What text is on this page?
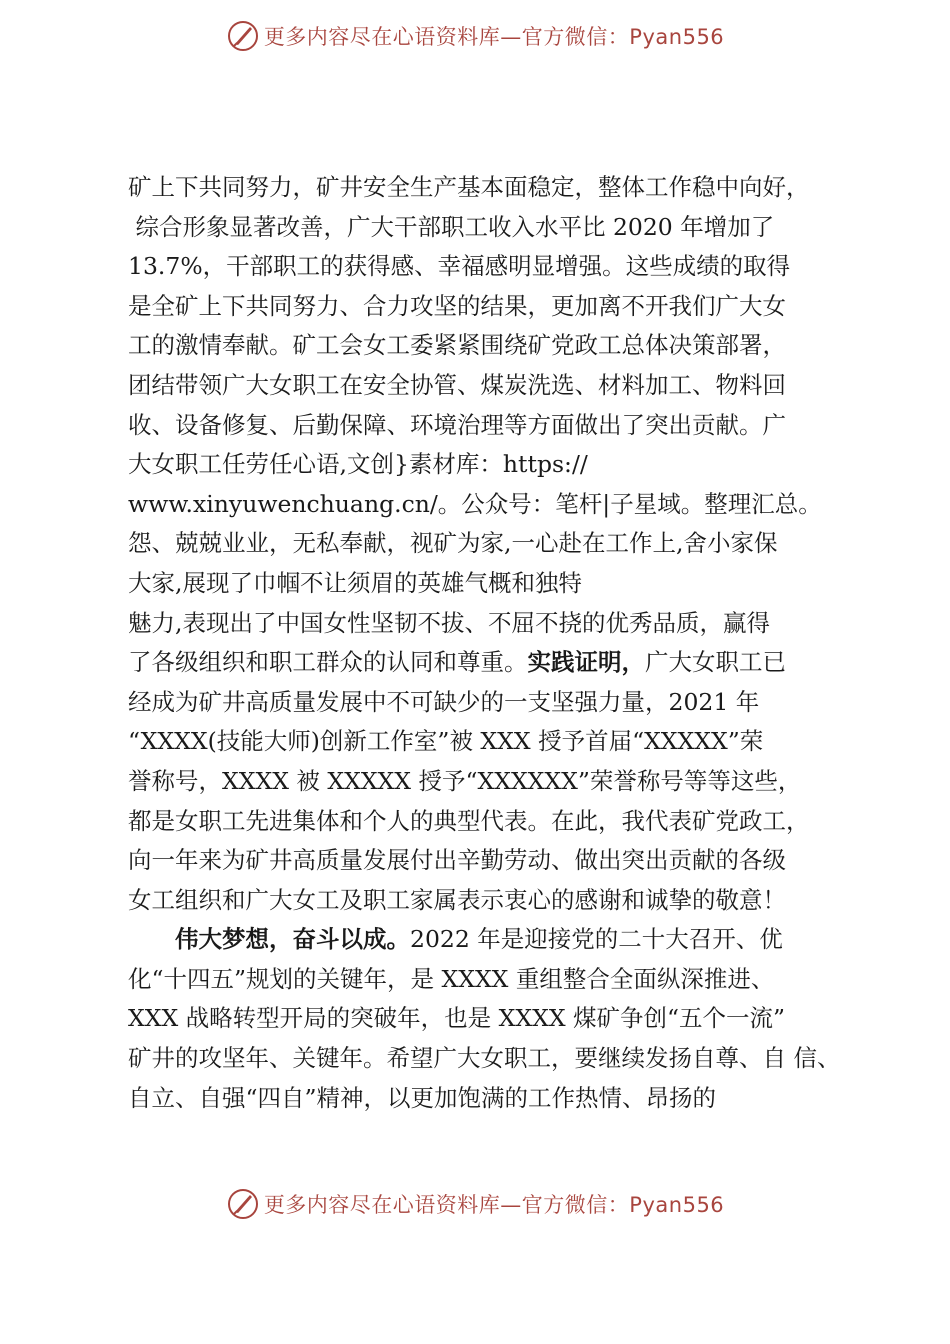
更多内容尽在心语资料库—官方微信：Pyan556
矿上下共同努力，矿井安全生产基本面稳定，整体工作稳中向好，
综合形象显著改善，广大干部职工收入水平比 2020 年增加了
13.7%，干部职工的获得感、幸福感明显增强。这些成绩的取得
是全矿上下共同努力、合力攻坚的结果，更加离不开我们广大女
工的激情奉献。矿工会女工委紧紧围绕矿党政工总体决策部署，
团结带领广大女职工在安全协管、煤炭洗选、材料加工、物料回
收、设备修复、后勤保障、环境治理等方面做出了突出贡献。广
大女职工任劳任心语,文创}素材库：https://
www.xinyuwenchuang.cn/。公众号：笔杆|子星域。整理汇总。
怨、兢兢业业，无私奉献，视矿为家,一心赴在工作上,舍小家保
大家,展现了巾帼不让须眉的英雄气概和独特
魅力,表现出了中国女性坚韧不拔、不屈不挠的优秀品质，赢得
了各级组织和职工群众的认同和尊重。实践证明，广大女职工已
经成为矿井高质量发展中不可缺少的一支坚强力量，2021 年
“XXXX(技能大师)创新工作室”被 XXX 授予首届“XXXXX”荣
誉称号，XXXX 被 XXXXX 授予“XXXXXX”荣誉称号等等这些，
都是女职工先进集体和个人的典型代表。在此，我代表矿党政工，
向一年来为矿井高质量发展付出辛勤劳动、做出突出贡献的各级
女工组织和广大女工及职工家属表示衷心的感谢和诚挚的敬意！
伟大梦想，奋斗以成。2022 年是迎接党的二十大召开、优
化“十四五”规划的关键年，是 XXXX 重组整合全面纵深推进、
XXX 战略转型开局的突破年，也是 XXXX 煤矿争创“五个一流”
矿井的攻坚年、关键年。希望广大女职工，要继续发扬自尊、自 信、
自立、自强“四自”精神，以更加饱满的工作热情、昂扬的
更多内容尽在心语资料库—官方微信：Pyan556
